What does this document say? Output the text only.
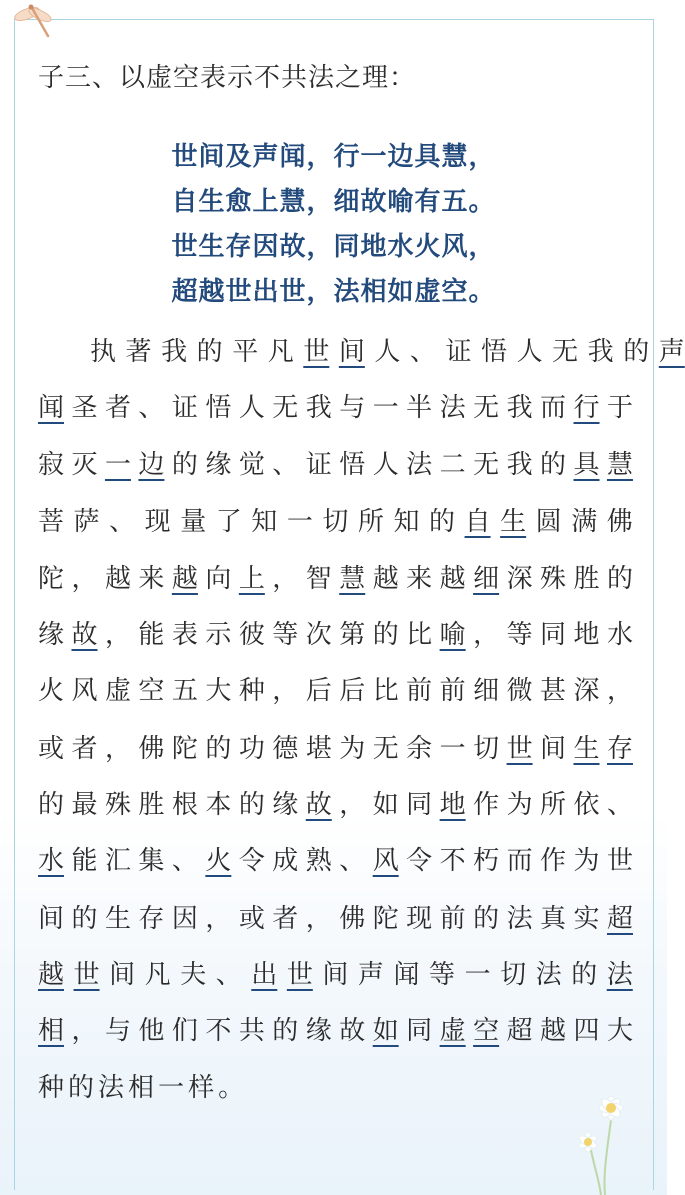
子三、以虚空表示不共法之理：
世间及声闻，行一边具慧，
自生愈上慧，细故喻有五。
世生存因故，同地水火风，
超越世出世，法相如虚空。
执 著 我 的 平 凡 世 间 人 、 证 悟 人 无 我 的 声
闻 圣 者 、 证 悟 人 无 我 与 一 半 法 无 我 而 行 于
寂 灭 一 边 的 缘 觉 、 证 悟 人 法 二 无 我 的 具 慧
菩 萨 、 现 量 了 知 一 切 所 知 的 自 生 圆 满 佛
陀 ， 越 来 越 向 上 ， 智 慧 越 来 越 细 深 殊 胜 的
缘 故 ， 能 表 示 彼 等 次 第 的 比 喻 ， 等 同 地 水
火 风 虚 空 五 大 种 ， 后 后 比 前 前 细 微 甚 深 ，
或 者 ， 佛 陀 的 功 德 堪 为 无 余 一 切 世 间 生 存
的 最 殊 胜 根 本 的 缘 故 ， 如 同 地 作 为 所 依 、
水 能 汇 集 、 火 令 成 熟 、 风 令 不 朽 而 作 为 世
间 的 生 存 因 ， 或 者 ， 佛 陀 现 前 的 法 真 实 超
越 世 间 凡 夫 、 出 世 间 声 闻 等 一 切 法 的 法
相 ， 与 他 们 不 共 的 缘 故 如 同 虚 空 超 越 四 大
种 的 法 相 一 样 。
